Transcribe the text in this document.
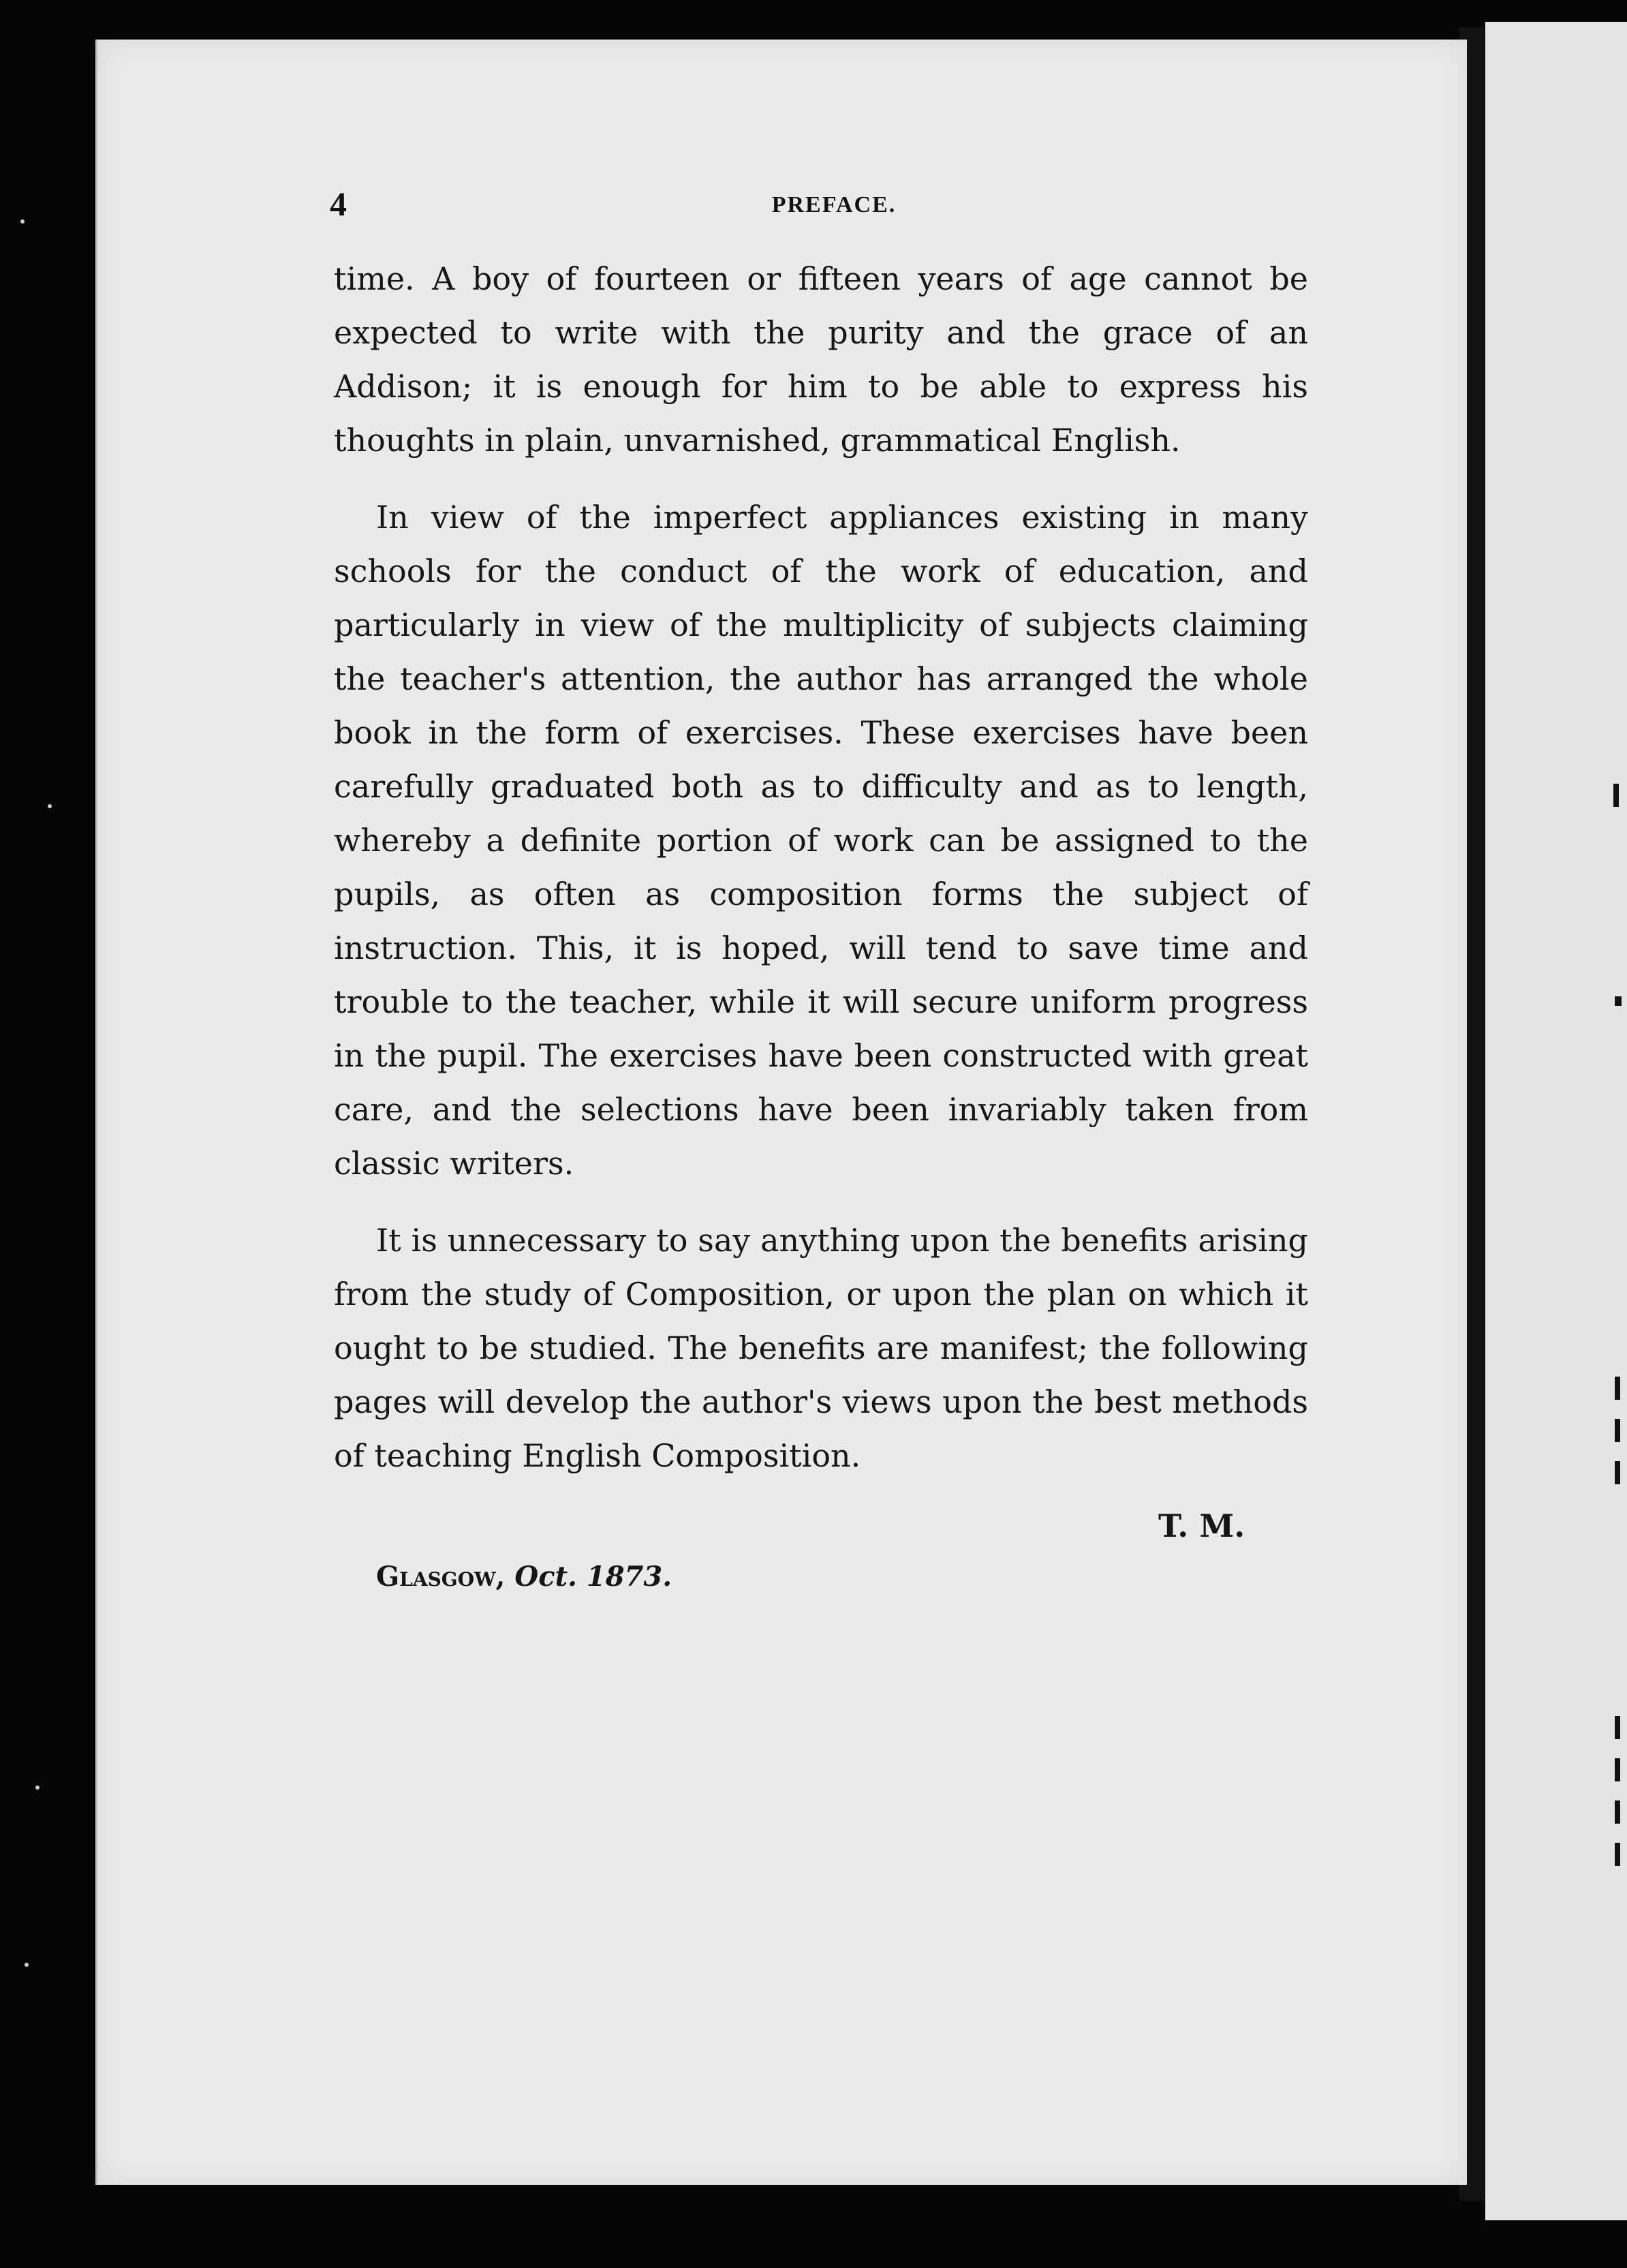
4	PREFACE.

time. A boy of fourteen or fifteen years of age cannot be expected to write with the purity and the grace of an Addison; it is enough for him to be able to express his thoughts in plain, unvarnished, grammatical English.

In view of the imperfect appliances existing in many schools for the conduct of the work of education, and particularly in view of the multiplicity of subjects claiming the teacher's attention, the author has arranged the whole book in the form of exercises. These exercises have been carefully graduated both as to difficulty and as to length, whereby a definite portion of work can be assigned to the pupils, as often as composition forms the subject of instruction. This, it is hoped, will tend to save time and trouble to the teacher, while it will secure uniform progress in the pupil. The exercises have been constructed with great care, and the selections have been invariably taken from classic writers.

It is unnecessary to say anything upon the benefits arising from the study of Composition, or upon the plan on which it ought to be studied. The benefits are manifest; the following pages will develop the author's views upon the best methods of teaching English Composition.

T. M.
Glasgow, Oct. 1873.
